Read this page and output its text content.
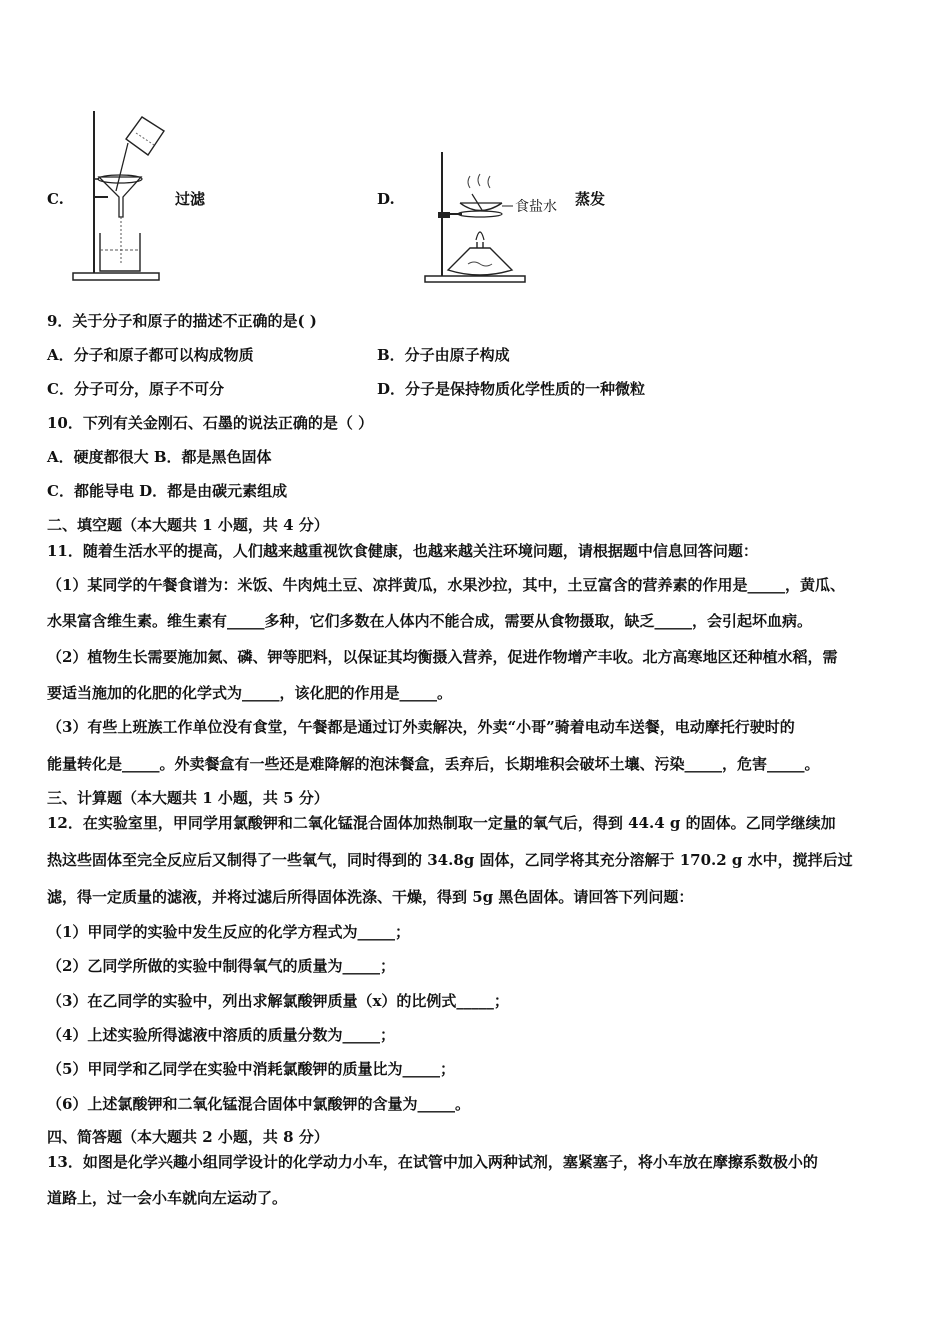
C.	过滤	D.	食盐水 蒸发
9．关于分子和原子的描述不正确的是( )
A．分子和原子都可以构成物质	B．分子由原子构成
C．分子可分，原子不可分	D．分子是保持物质化学性质的一种微粒
10．下列有关金刚石、石墨的说法正确的是（ ）
A．硬度都很大 B．都是黑色固体
C．都能导电 D．都是由碳元素组成
二、填空题（本大题共 1 小题，共 4 分）
11．随着生活水平的提高，人们越来越重视饮食健康，也越来越关注环境问题，请根据题中信息回答问题：
（1）某同学的午餐食谱为：米饭、牛肉炖土豆、凉拌黄瓜，水果沙拉，其中，土豆富含的营养素的作用是_____，黄瓜、
水果富含维生素。维生素有_____多种，它们多数在人体内不能合成，需要从食物摄取，缺乏_____，会引起坏血病。
（2）植物生长需要施加氮、磷、钾等肥料，以保证其均衡摄入营养，促进作物增产丰收。北方高寒地区还种植水稻，需
要适当施加的化肥的化学式为_____，该化肥的作用是_____。
（3）有些上班族工作单位没有食堂，午餐都是通过订外卖解决，外卖“小哥”骑着电动车送餐，电动摩托行驶时的
能量转化是_____。外卖餐盒有一些还是难降解的泡沫餐盒，丢弃后，长期堆积会破坏土壤、污染_____，危害_____。
三、计算题（本大题共 1 小题，共 5 分）
12．在实验室里，甲同学用氯酸钾和二氧化锰混合固体加热制取一定量的氧气后，得到 44.4 g 的固体。乙同学继续加
热这些固体至完全反应后又制得了一些氧气，同时得到的 34.8g 固体，乙同学将其充分溶解于 170.2 g 水中，搅拌后过
滤，得一定质量的滤液，并将过滤后所得固体洗涤、干燥，得到 5g 黑色固体。请回答下列问题：
（1）甲同学的实验中发生反应的化学方程式为_____；
（2）乙同学所做的实验中制得氧气的质量为_____；
（3）在乙同学的实验中，列出求解氯酸钾质量（x）的比例式_____；
（4）上述实验所得滤液中溶质的质量分数为_____；
（5）甲同学和乙同学在实验中消耗氯酸钾的质量比为_____；
（6）上述氯酸钾和二氧化锰混合固体中氯酸钾的含量为_____。
四、简答题（本大题共 2 小题，共 8 分）
13．如图是化学兴趣小组同学设计的化学动力小车，在试管中加入两种试剂，塞紧塞子，将小车放在摩擦系数极小的
道路上，过一会小车就向左运动了。
